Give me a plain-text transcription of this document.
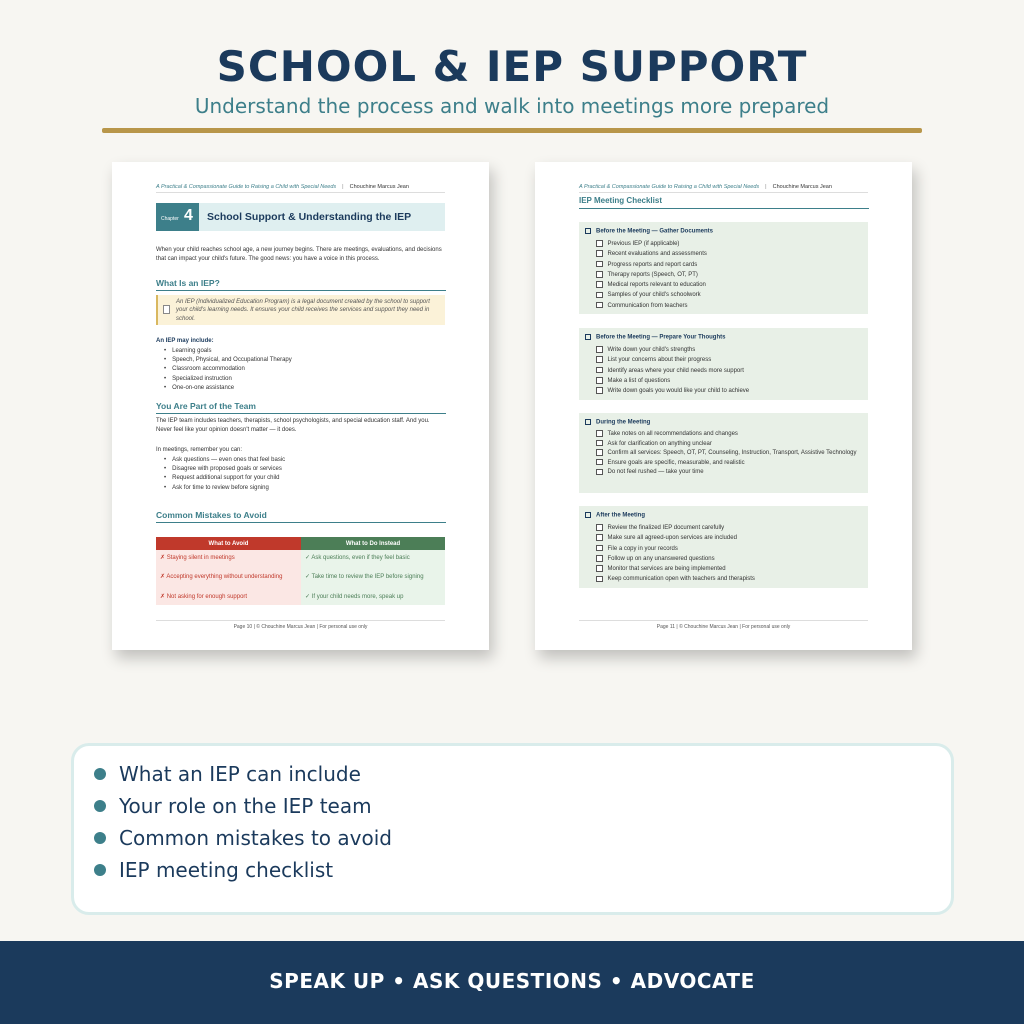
SCHOOL & IEP SUPPORT
Understand the process and walk into meetings more prepared
A Practical & Compassionate Guide to Raising a Child with Special Needs | Chouchine Marcus Jean
Chapter 4 School Support & Understanding the IEP
When your child reaches school age, a new journey begins. There are meetings, evaluations, and decisions that can impact your child's future. The good news: you have a voice in this process.
What Is an IEP?
An IEP (Individualized Education Program) is a legal document created by the school to support your child's learning needs. It ensures your child receives the services and support they need in school.
An IEP may include:
• Learning goals
• Speech, Physical, and Occupational Therapy
• Classroom accommodation
• Specialized instruction
• One-on-one assistance
You Are Part of the Team
The IEP team includes teachers, therapists, school psychologists, and special education staff. And you. Never feel like your opinion doesn't matter — it does.
In meetings, remember you can:
• Ask questions — even ones that feel basic
• Disagree with proposed goals or services
• Request additional support for your child
• Ask for time to review before signing
Common Mistakes to Avoid
What to Avoid	What to Do Instead
✗ Staying silent in meetings	✓ Ask questions, even if they feel basic
✗ Accepting everything without understanding	✓ Take time to review the IEP before signing
✗ Not asking for enough support	✓ If your child needs more, speak up
Page 10 | © Chouchine Marcus Jean | For personal use only
A Practical & Compassionate Guide to Raising a Child with Special Needs | Chouchine Marcus Jean
IEP Meeting Checklist
Before the Meeting — Gather Documents
Previous IEP (if applicable)
Recent evaluations and assessments
Progress reports and report cards
Therapy reports (Speech, OT, PT)
Medical reports relevant to education
Samples of your child's schoolwork
Communication from teachers
Before the Meeting — Prepare Your Thoughts
Write down your child's strengths
List your concerns about their progress
Identify areas where your child needs more support
Make a list of questions
Write down goals you would like your child to achieve
During the Meeting
Take notes on all recommendations and changes
Ask for clarification on anything unclear
Confirm all services: Speech, OT, PT, Counseling, Instruction, Transport, Assistive Technology
Ensure goals are specific, measurable, and realistic
Do not feel rushed — take your time
After the Meeting
Review the finalized IEP document carefully
Make sure all agreed-upon services are included
File a copy in your records
Follow up on any unanswered questions
Monitor that services are being implemented
Keep communication open with teachers and therapists
Page 11 | © Chouchine Marcus Jean | For personal use only
What an IEP can include
Your role on the IEP team
Common mistakes to avoid
IEP meeting checklist
SPEAK UP • ASK QUESTIONS • ADVOCATE
